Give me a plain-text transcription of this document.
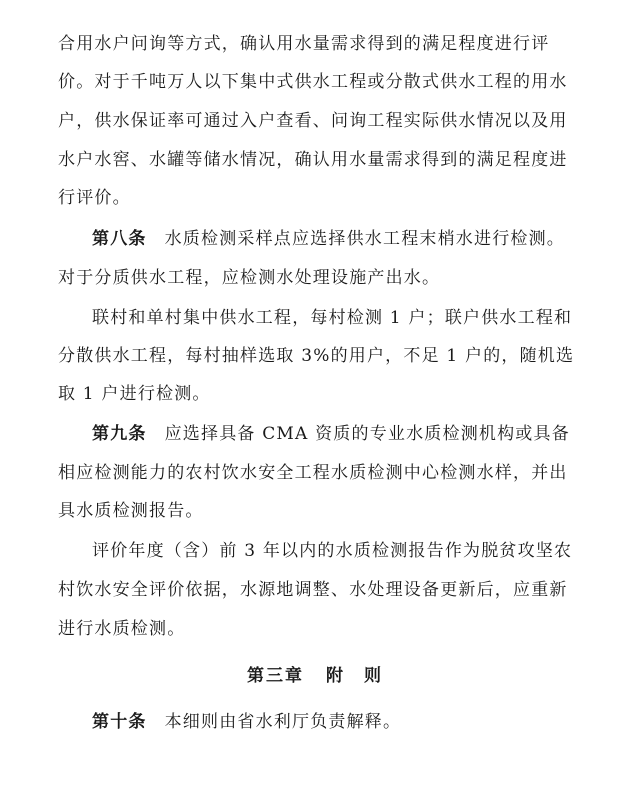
合用水户问询等方式，确认用水量需求得到的满足程度进行评
价。对于千吨万人以下集中式供水工程或分散式供水工程的用水
户，供水保证率可通过入户查看、问询工程实际供水情况以及用
水户水窖、水罐等储水情况，确认用水量需求得到的满足程度进
行评价。
第八条 水质检测采样点应选择供水工程末梢水进行检测。
对于分质供水工程，应检测水处理设施产出水。
联村和单村集中供水工程，每村检测 1 户；联户供水工程和
分散供水工程，每村抽样选取 3%的用户，不足 1 户的，随机选
取 1 户进行检测。
第九条 应选择具备 CMA 资质的专业水质检测机构或具备
相应检测能力的农村饮水安全工程水质检测中心检测水样，并出
具水质检测报告。
评价年度（含）前 3 年以内的水质检测报告作为脱贫攻坚农
村饮水安全评价依据，水源地调整、水处理设备更新后，应重新
进行水质检测。
第三章 附　则
第十条 本细则由省水利厅负责解释。
